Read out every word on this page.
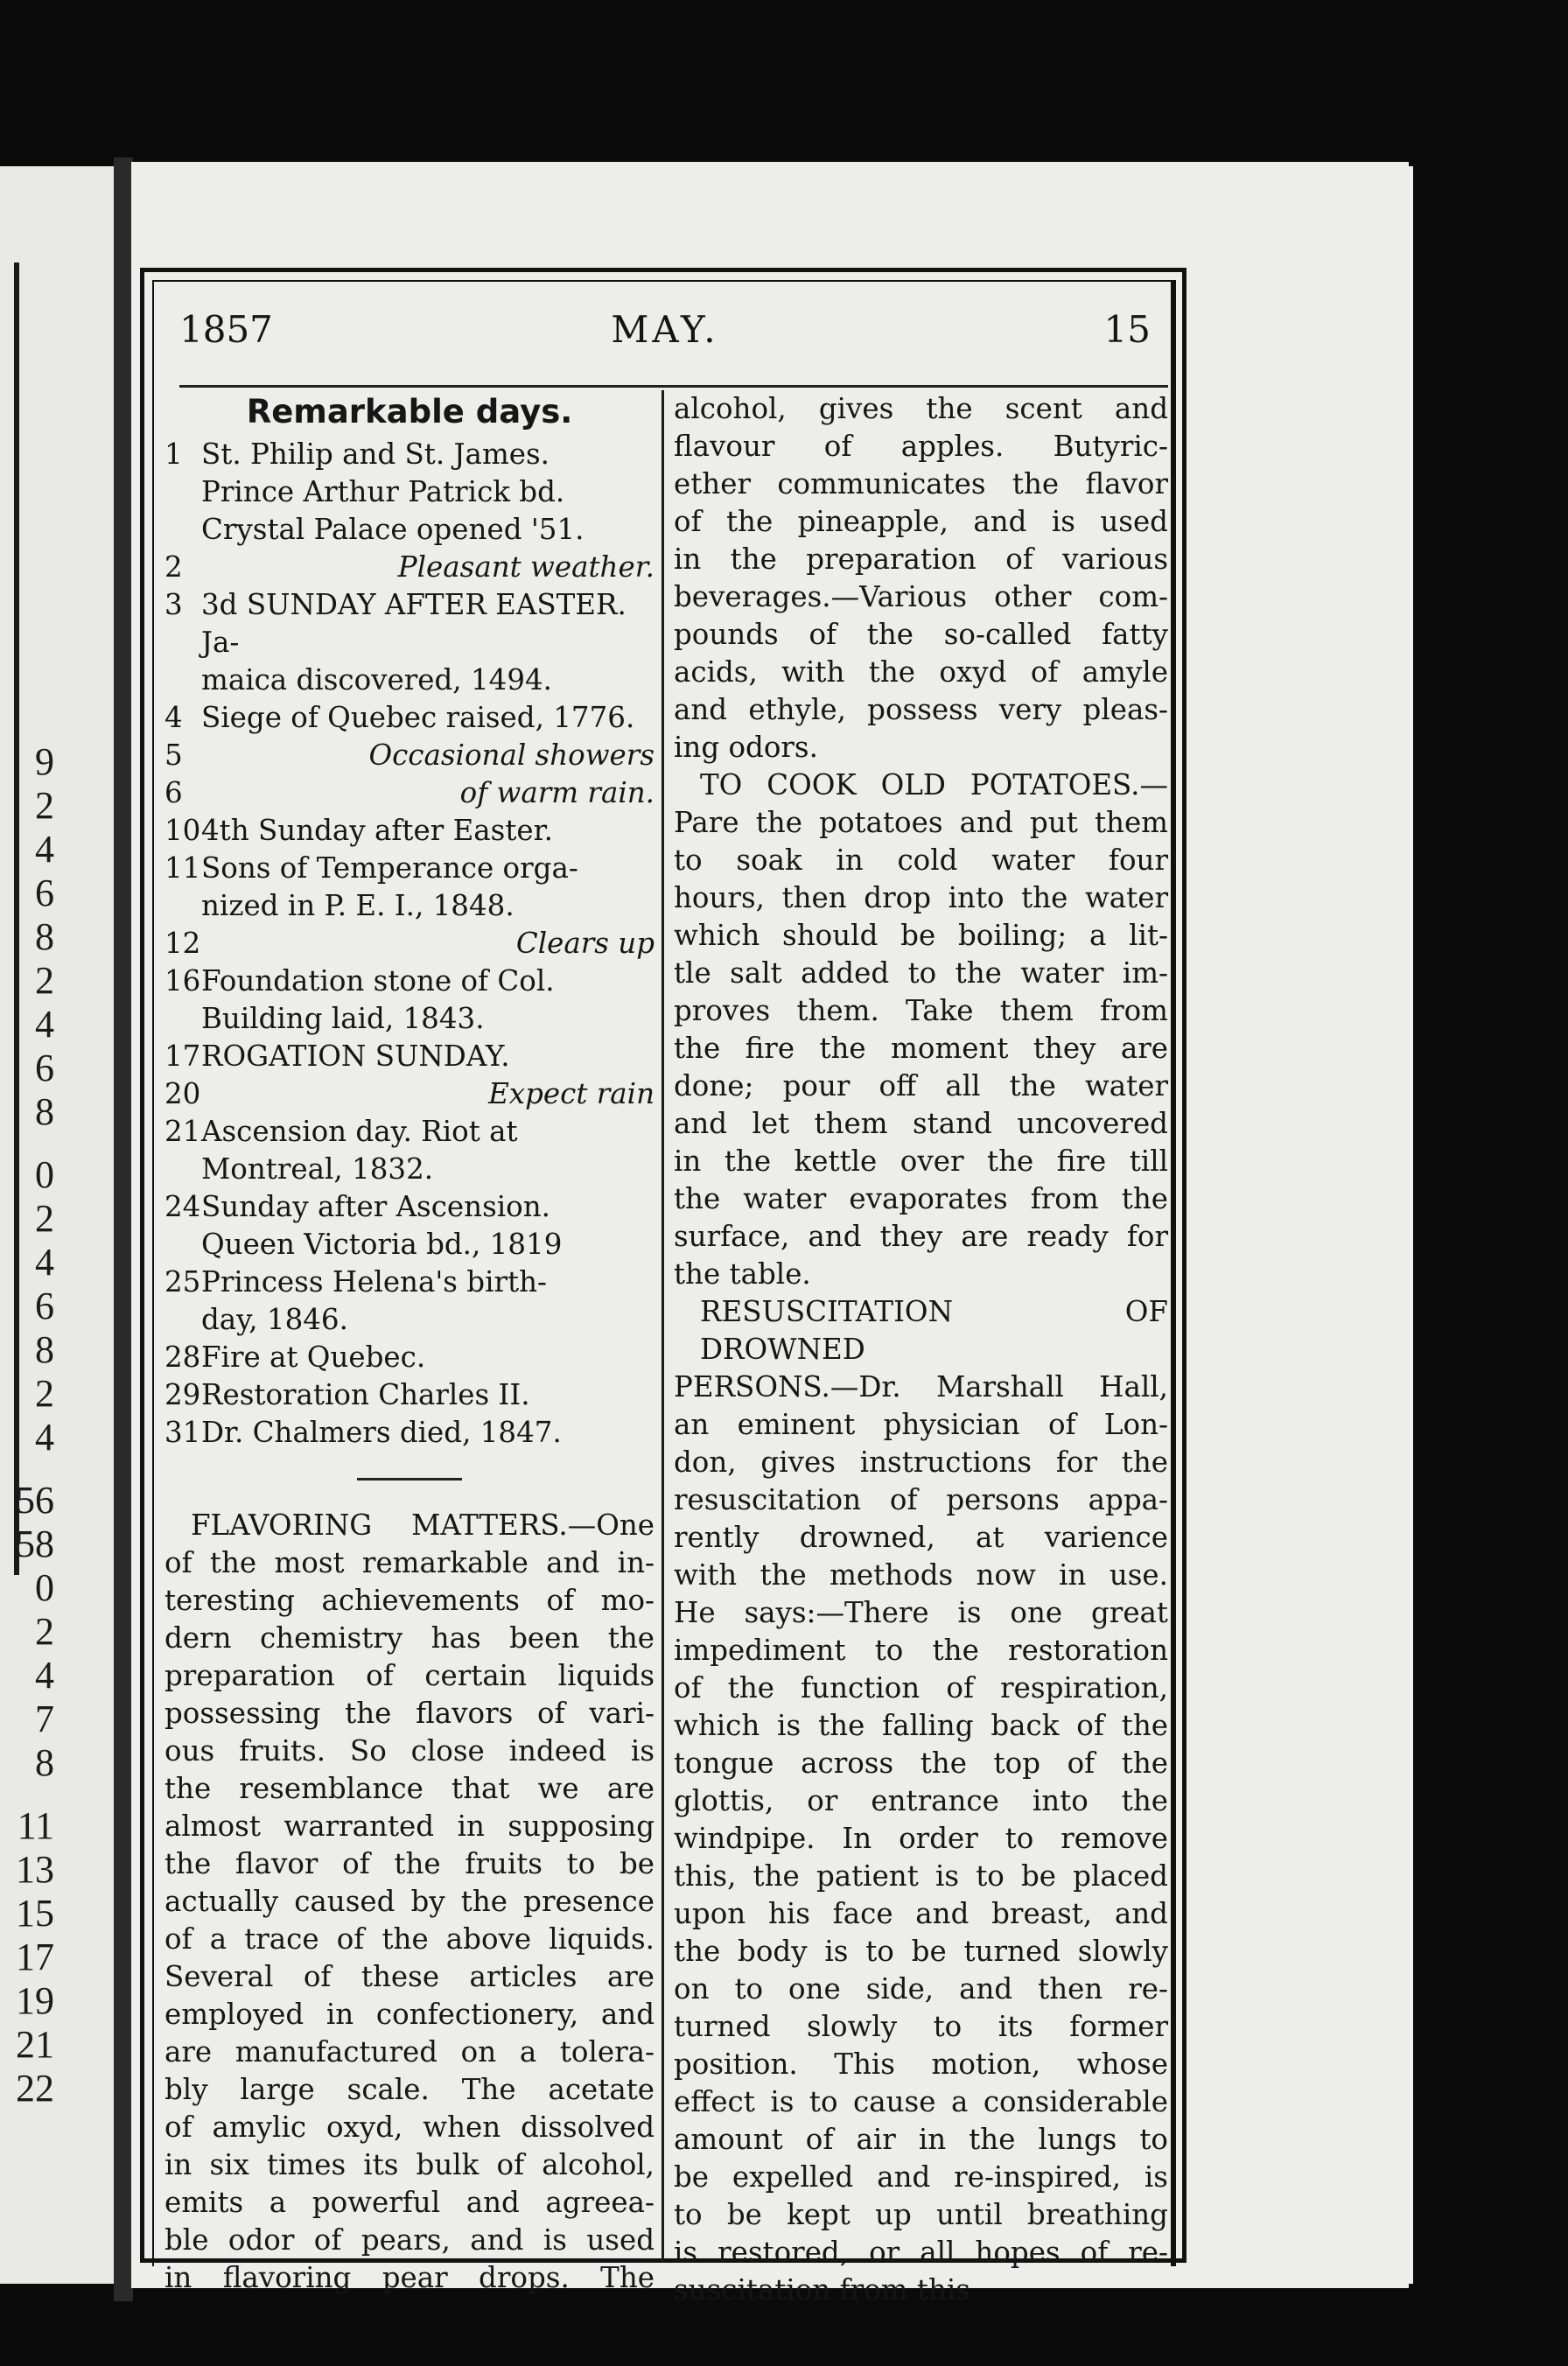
9
2
4
6
8
2
4
6
8
0
2
4
6
8
2
4
56
58
0
2
4
7
8
11
13
15
17
19
21
22
1857	MAY.	15
Remarkable days.
1 St. Philip and St. James.
Prince Arthur Patrick bd.
Crystal Palace opened '51.
2	Pleasant weather.
3 3d SUNDAY AFTER EASTER. Ja-
maica discovered, 1494.
4 Siege of Quebec raised, 1776.
5	Occasional showers
6	of warm rain.
10 4th Sunday after Easter.
11 Sons of Temperance orga-
nized in P. E. I., 1848.
12	Clears up
16 Foundation stone of Col.
Building laid, 1843.
17 ROGATION SUNDAY.
20	Expect rain
21 Ascension day. Riot at
Montreal, 1832.
24 Sunday after Ascension.
Queen Victoria bd., 1819
25 Princess Helena's birth-
day, 1846.
28 Fire at Quebec.
29 Restoration Charles II.
31 Dr. Chalmers died, 1847.
FLAVORING MATTERS.—One
of the most remarkable and in-
teresting achievements of mo-
dern chemistry has been the
preparation of certain liquids
possessing the flavors of vari-
ous fruits. So close indeed is
the resemblance that we are
almost warranted in supposing
the flavor of the fruits to be
actually caused by the presence
of a trace of the above liquids.
Several of these articles are
employed in confectionery, and
are manufactured on a tolera-
bly large scale. The acetate
of amylic oxyd, when dissolved
in six times its bulk of alcohol,
emits a powerful and agreea-
ble odor of pears, and is used
in flavoring pear drops. The
alcohol, gives the scent and
flavour of apples. Butyric-
ether communicates the flavor
of the pineapple, and is used
in the preparation of various
beverages.—Various other com-
pounds of the so-called fatty
acids, with the oxyd of amyle
and ethyle, possess very pleas-
ing odors.
TO COOK OLD POTATOES.—
Pare the potatoes and put them
to soak in cold water four
hours, then drop into the water
which should be boiling; a lit-
tle salt added to the water im-
proves them. Take them from
the fire the moment they are
done; pour off all the water
and let them stand uncovered
in the kettle over the fire till
the water evaporates from the
surface, and they are ready for
the table.
RESUSCITATION OF DROWNED
PERSONS.—Dr. Marshall Hall,
an eminent physician of Lon-
don, gives instructions for the
resuscitation of persons appa-
rently drowned, at varience
with the methods now in use.
He says:—There is one great
impediment to the restoration
of the function of respiration,
which is the falling back of the
tongue across the top of the
glottis, or entrance into the
windpipe. In order to remove
this, the patient is to be placed
upon his face and breast, and
the body is to be turned slowly
on to one side, and then re-
turned slowly to its former
position. This motion, whose
effect is to cause a considerable
amount of air in the lungs to
be expelled and re-inspired, is
to be kept up until breathing
is restored, or all hopes of re-
suscitation from this
